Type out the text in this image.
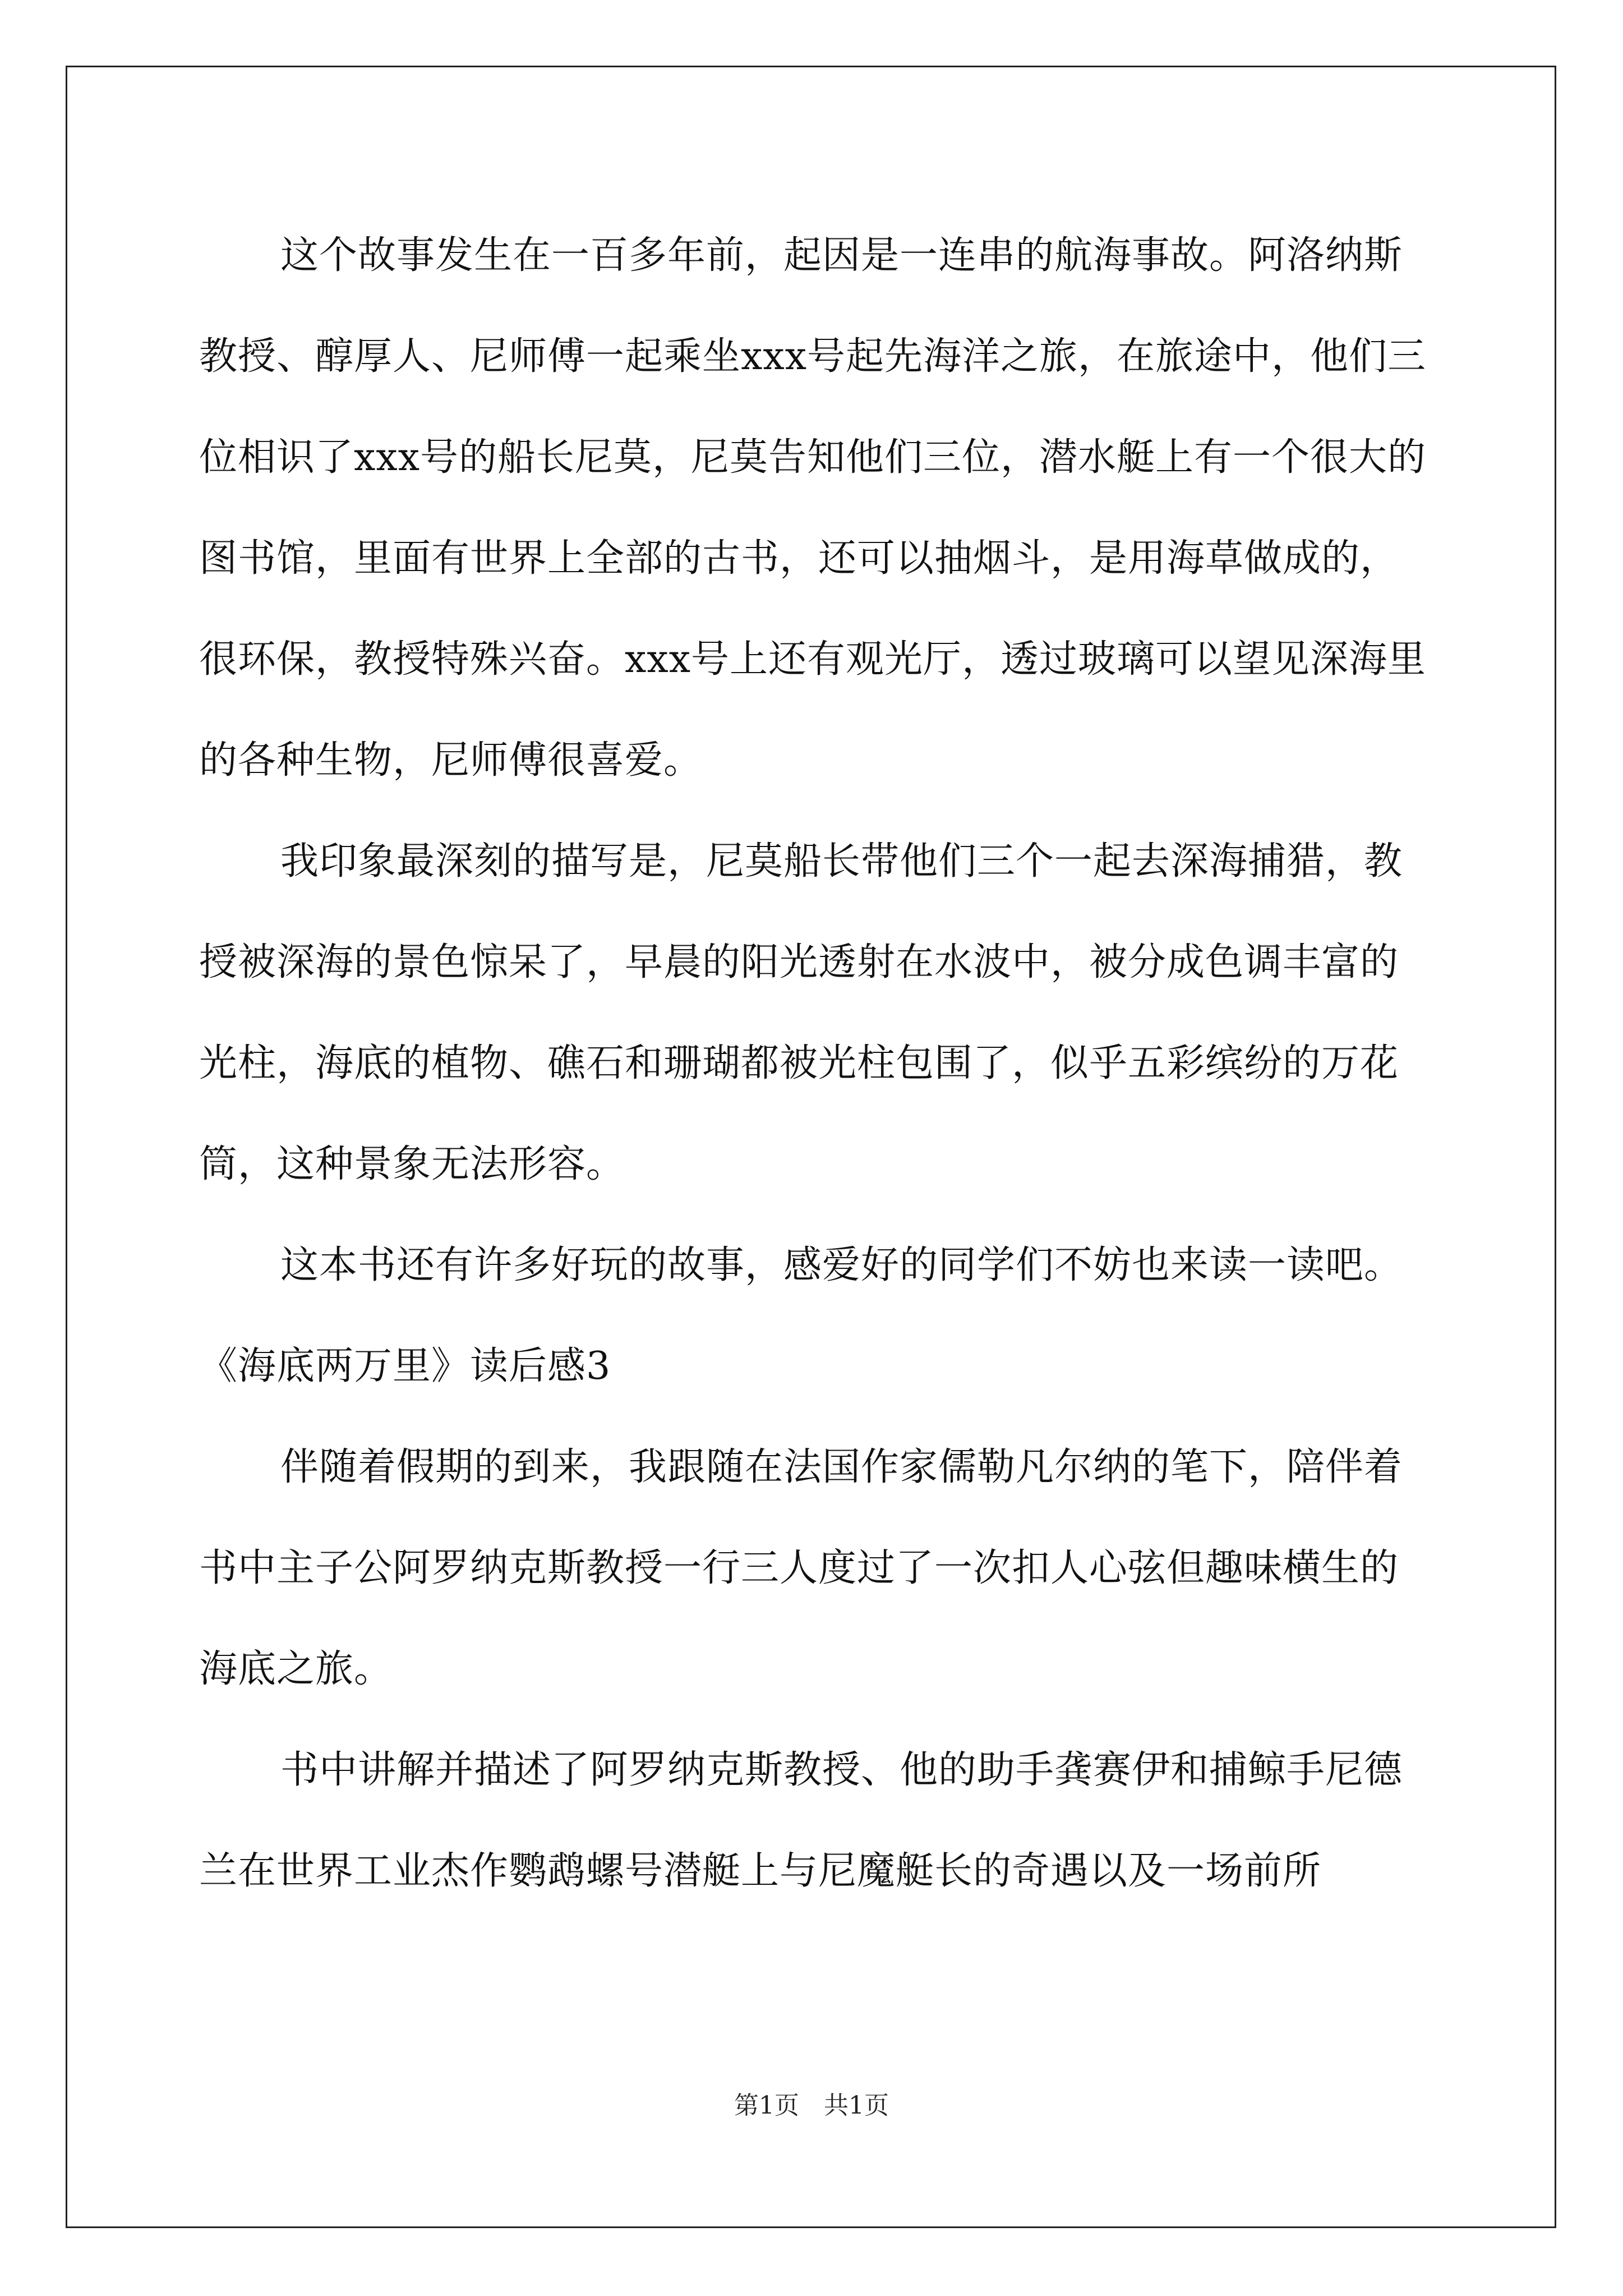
这个故事发生在一百多年前，起因是一连串的航海事故。阿洛纳斯教授、醇厚人、尼师傅一起乘坐xxx号起先海洋之旅，在旅途中，他们三位相识了xxx号的船长尼莫，尼莫告知他们三位，潜水艇上有一个很大的图书馆，里面有世界上全部的古书，还可以抽烟斗，是用海草做成的，很环保，教授特殊兴奋。xxx号上还有观光厅，透过玻璃可以望见深海里的各种生物，尼师傅很喜爱。

我印象最深刻的描写是，尼莫船长带他们三个一起去深海捕猎，教授被深海的景色惊呆了，早晨的阳光透射在水波中，被分成色调丰富的光柱，海底的植物、礁石和珊瑚都被光柱包围了，似乎五彩缤纷的万花筒，这种景象无法形容。

这本书还有许多好玩的故事，感爱好的同学们不妨也来读一读吧。

《海底两万里》读后感3

伴随着假期的到来，我跟随在法国作家儒勒凡尔纳的笔下，陪伴着书中主子公阿罗纳克斯教授一行三人度过了一次扣人心弦但趣味横生的海底之旅。

书中讲解并描述了阿罗纳克斯教授、他的助手龚赛伊和捕鲸手尼德兰在世界工业杰作鹦鹉螺号潜艇上与尼魔艇长的奇遇以及一场前所

第1页　共1页
